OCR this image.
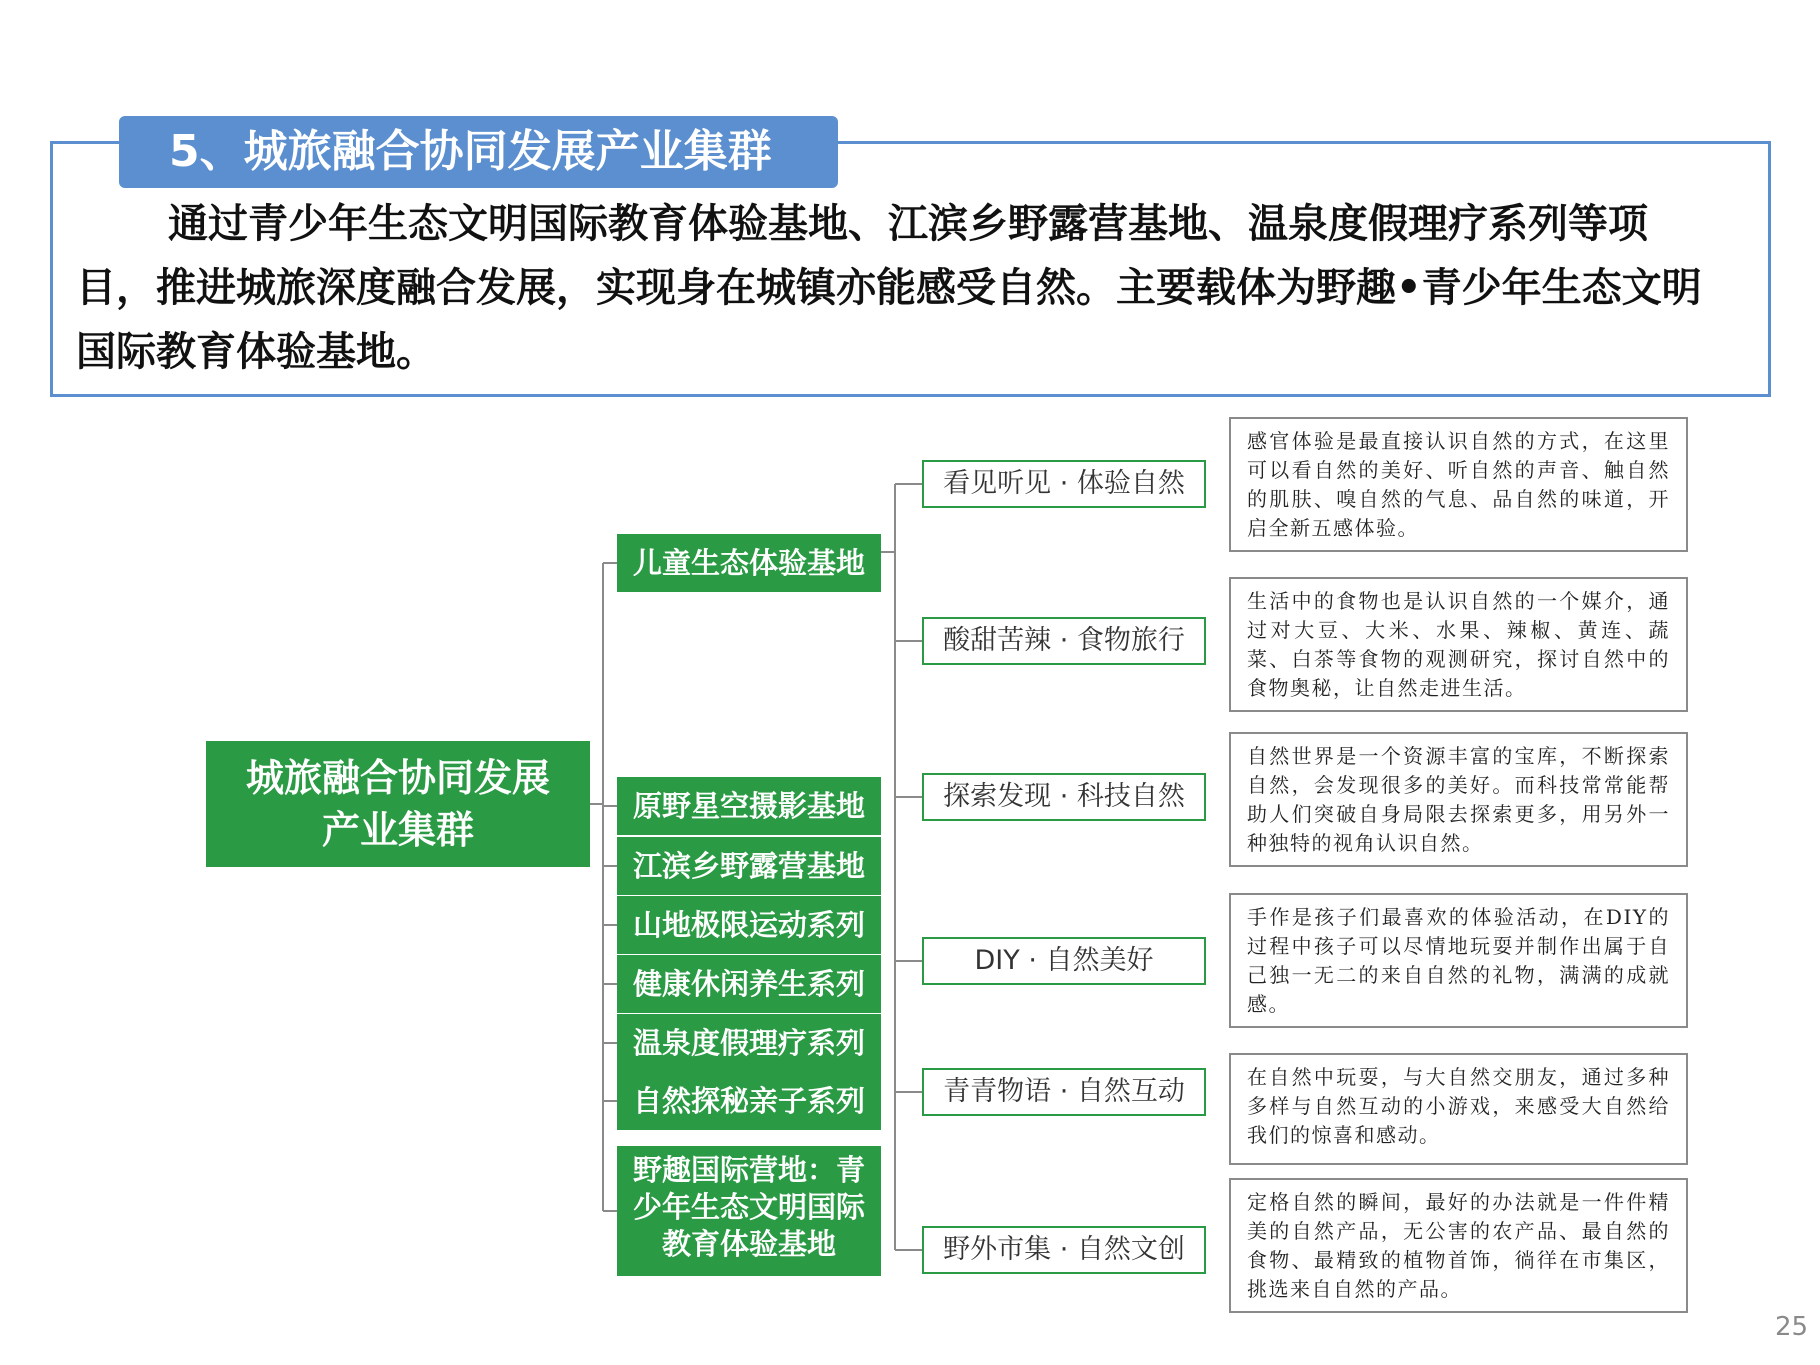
5、城旅融合协同发展产业集群
通过青少年生态文明国际教育体验基地、江滨乡野露营基地、温泉度假理疗系列等项目，推进城旅深度融合发展，实现身在城镇亦能感受自然。主要载体为野趣•青少年生态文明国际教育体验基地。
城旅融合协同发展
产业集群
儿童生态体验基地
原野星空摄影基地
江滨乡野露营基地
山地极限运动系列
健康休闲养生系列
温泉度假理疗系列
自然探秘亲子系列
野趣国际营地：青少年生态文明国际教育体验基地
看见听见 · 体验自然
酸甜苦辣 · 食物旅行
探索发现 · 科技自然
DIY · 自然美好
青青物语 · 自然互动
野外市集 · 自然文创
感官体验是最直接认识自然的方式，在这里可以看自然的美好、听自然的声音、触自然的肌肤、嗅自然的气息、品自然的味道，开启全新五感体验。
生活中的食物也是认识自然的一个媒介，通过对大豆、大米、水果、辣椒、黄连、蔬菜、白茶等食物的观测研究，探讨自然中的食物奥秘，让自然走进生活。
自然世界是一个资源丰富的宝库，不断探索自然，会发现很多的美好。而科技常常能帮助人们突破自身局限去探索更多，用另外一种独特的视角认识自然。
手作是孩子们最喜欢的体验活动，在DIY的过程中孩子可以尽情地玩耍并制作出属于自己独一无二的来自自然的礼物，满满的成就感。
在自然中玩耍，与大自然交朋友，通过多种多样与自然互动的小游戏，来感受大自然给我们的惊喜和感动。
定格自然的瞬间，最好的办法就是一件件精美的自然产品，无公害的农产品、最自然的食物、最精致的植物首饰，徜徉在市集区，挑选来自自然的产品。
25
